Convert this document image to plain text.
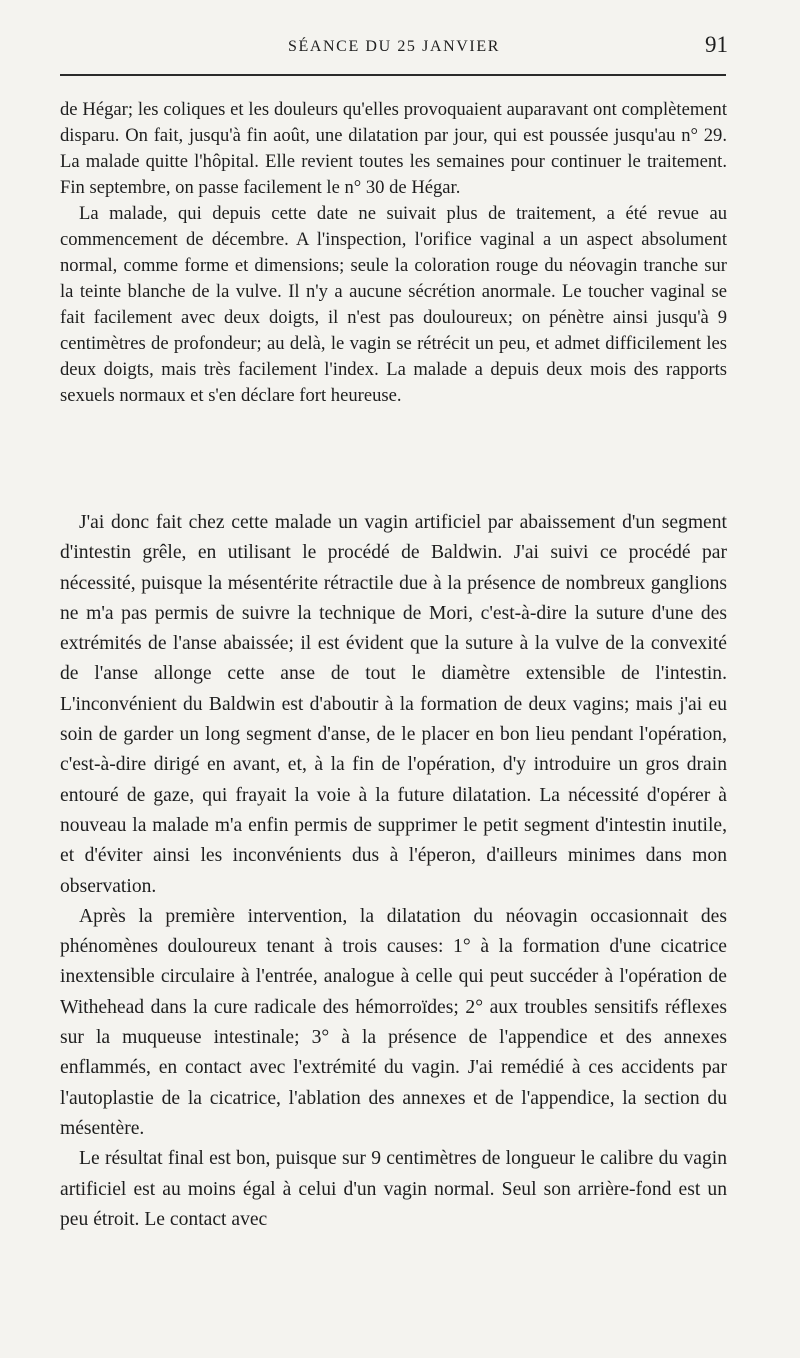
SÉANCE DU 25 JANVIER	91

de Hégar; les coliques et les douleurs qu'elles provoquaient auparavant ont complètement disparu. On fait, jusqu'à fin août, une dilatation par jour, qui est poussée jusqu'au n° 29. La malade quitte l'hôpital. Elle revient toutes les semaines pour continuer le traitement. Fin septembre, on passe facilement le n° 30 de Hégar.

La malade, qui depuis cette date ne suivait plus de traitement, a été revue au commencement de décembre. A l'inspection, l'orifice vaginal a un aspect absolument normal, comme forme et dimensions; seule la coloration rouge du néovagin tranche sur la teinte blanche de la vulve. Il n'y a aucune sécrétion anormale. Le toucher vaginal se fait facilement avec deux doigts, il n'est pas douloureux; on pénètre ainsi jusqu'à 9 centimètres de profondeur; au delà, le vagin se rétrécit un peu, et admet difficilement les deux doigts, mais très facilement l'index. La malade a depuis deux mois des rapports sexuels normaux et s'en déclare fort heureuse.

J'ai donc fait chez cette malade un vagin artificiel par abaissement d'un segment d'intestin grêle, en utilisant le procédé de Baldwin. J'ai suivi ce procédé par nécessité, puisque la mésentérite rétractile due à la présence de nombreux ganglions ne m'a pas permis de suivre la technique de Mori, c'est-à-dire la suture d'une des extrémités de l'anse abaissée; il est évident que la suture à la vulve de la convexité de l'anse allonge cette anse de tout le diamètre extensible de l'intestin. L'inconvénient du Baldwin est d'aboutir à la formation de deux vagins; mais j'ai eu soin de garder un long segment d'anse, de le placer en bon lieu pendant l'opération, c'est-à-dire dirigé en avant, et, à la fin de l'opération, d'y introduire un gros drain entouré de gaze, qui frayait la voie à la future dilatation. La nécessité d'opérer à nouveau la malade m'a enfin permis de supprimer le petit segment d'intestin inutile, et d'éviter ainsi les inconvénients dus à l'éperon, d'ailleurs minimes dans mon observation.

Après la première intervention, la dilatation du néovagin occasionnait des phénomènes douloureux tenant à trois causes: 1° à la formation d'une cicatrice inextensible circulaire à l'entrée, analogue à celle qui peut succéder à l'opération de Withehead dans la cure radicale des hémorroïdes; 2° aux troubles sensitifs réflexes sur la muqueuse intestinale; 3° à la présence de l'appendice et des annexes enflammés, en contact avec l'extrémité du vagin. J'ai remédié à ces accidents par l'autoplastie de la cicatrice, l'ablation des annexes et de l'appendice, la section du mésentère.

Le résultat final est bon, puisque sur 9 centimètres de longueur le calibre du vagin artificiel est au moins égal à celui d'un vagin normal. Seul son arrière-fond est un peu étroit. Le contact avec
